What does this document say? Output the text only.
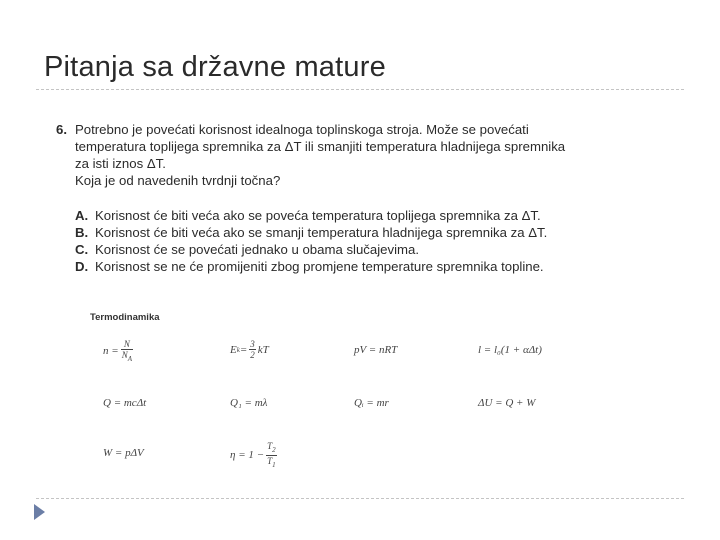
Pitanja sa državne mature
6. Potrebno je povećati korisnost idealnoga toplinskoga stroja. Može se povećati
temperatura toplijega spremnika za ΔT ili smanjiti temperatura hladnijega spremnika
za isti iznos ΔT.
Koja je od navedenih tvrdnji točna?
A. Korisnost će biti veća ako se poveća temperatura toplijega spremnika za ΔT.
B. Korisnost će biti veća ako se smanji temperatura hladnijega spremnika za ΔT.
C. Korisnost će se povećati jednako u obama slučajevima.
D. Korisnost se ne će promijeniti zbog promjene temperature spremnika topline.
Termodinamika
$n = \frac{N}{N_A}$	E $k = \frac{3}{2}$ kT	pV = nRT	l = l₀(1 + αΔt)
Q = mcΔt	Q₁ = mλ	Qᵢ = mr	ΔU = Q + W
W = pΔV	$\eta = 1 - \frac{T_2}{T_1}$
